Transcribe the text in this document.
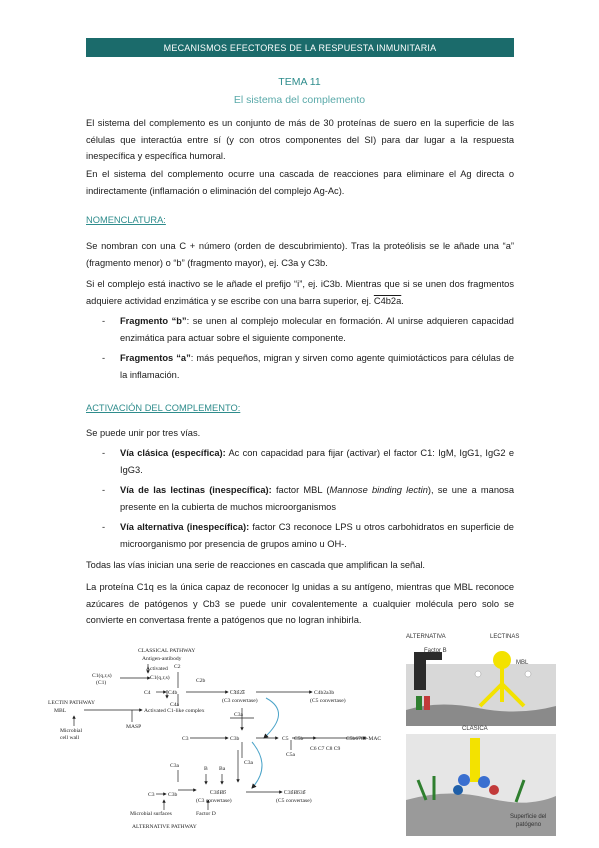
MECANISMOS EFECTORES DE LA RESPUESTA INMUNITARIA
TEMA 11
El sistema del complemento
El sistema del complemento es un conjunto de más de 30 proteínas de suero en la superficie de las células que interactúa entre sí (y con otros componentes del SI) para dar lugar a la respuesta inespecífica y específica humoral.
En el sistema del complemento ocurre una cascada de reacciones para eliminare el Ag directa o indirectamente (inflamación o eliminación del complejo Ag-Ac).
NOMENCLATURA:
Se nombran con una C + número (orden de descubrimiento). Tras la proteólisis se le añade una “a” (fragmento menor) o “b” (fragmento mayor), ej. C3a y C3b.
Si el complejo está inactivo se le añade el prefijo “i”, ej. iC3b. Mientras que si se unen dos fragmentos adquiere actividad enzimática y se escribe con una barra superior, ej. C4b2a.
- Fragmento “b”: se unen al complejo molecular en formación. Al unirse adquieren capacidad enzimática para actuar sobre el siguiente componente.
- Fragmentos “a”: más pequeños, migran y sirven como agente quimiotácticos para células de la inflamación.
ACTIVACIÓN DEL COMPLEMENTO:
Se puede unir por tres vías.
- Vía clásica (específica): Ac con capacidad para fijar (activar) el factor C1: IgM, IgG1, IgG2 e IgG3.
- Vía de las lectinas (inespecífica): factor MBL (Mannose binding lectin), se une a manosa presente en la cubierta de muchos microorganismos
- Vía alternativa (inespecífica): factor C3 reconoce LPS u otros carbohidratos en superficie de microorganismo por presencia de grupos amino u OH-.
Todas las vías inician una serie de reacciones en cascada que amplifican la señal.
La proteína C1q es la única capaz de reconocer Ig unidas a su antígeno, mientras que MBL reconoce azúcares de patógenos y Cb3 se puede unir covalentemente a cualquier molécula pero solo se convierte en convertasa frente a patógenos que no logran inhibirla.
CLASSICAL PATHWAY
Antigen-antibody
Activated
C1(q,r,s)
(C1)
C1(q,r,s)
C2
C2b
C4	C4b
C4a
C4b2a
(C3 convertase)
C4b2a3b
(C5 convertase)
LECTIN PATHWAY
MBL	Activated C1-like complex
MASP
Microbial
cell wall	C3
C3a
C3b
C3a
C5 C5b
C5a
C6 C7 C8 C9
C5b6789-MAC
C3a	B Ba
C3 C3b	C3bBb	C3bBb3b
(C3 convertase)	(C5 convertase)
Microbial surfaces	Factor D
ALTERNATIVE PATHWAY
ALTERNATIVA	LECTINAS
Factor B
MBL
CLASICA
Superficie del
patógeno
